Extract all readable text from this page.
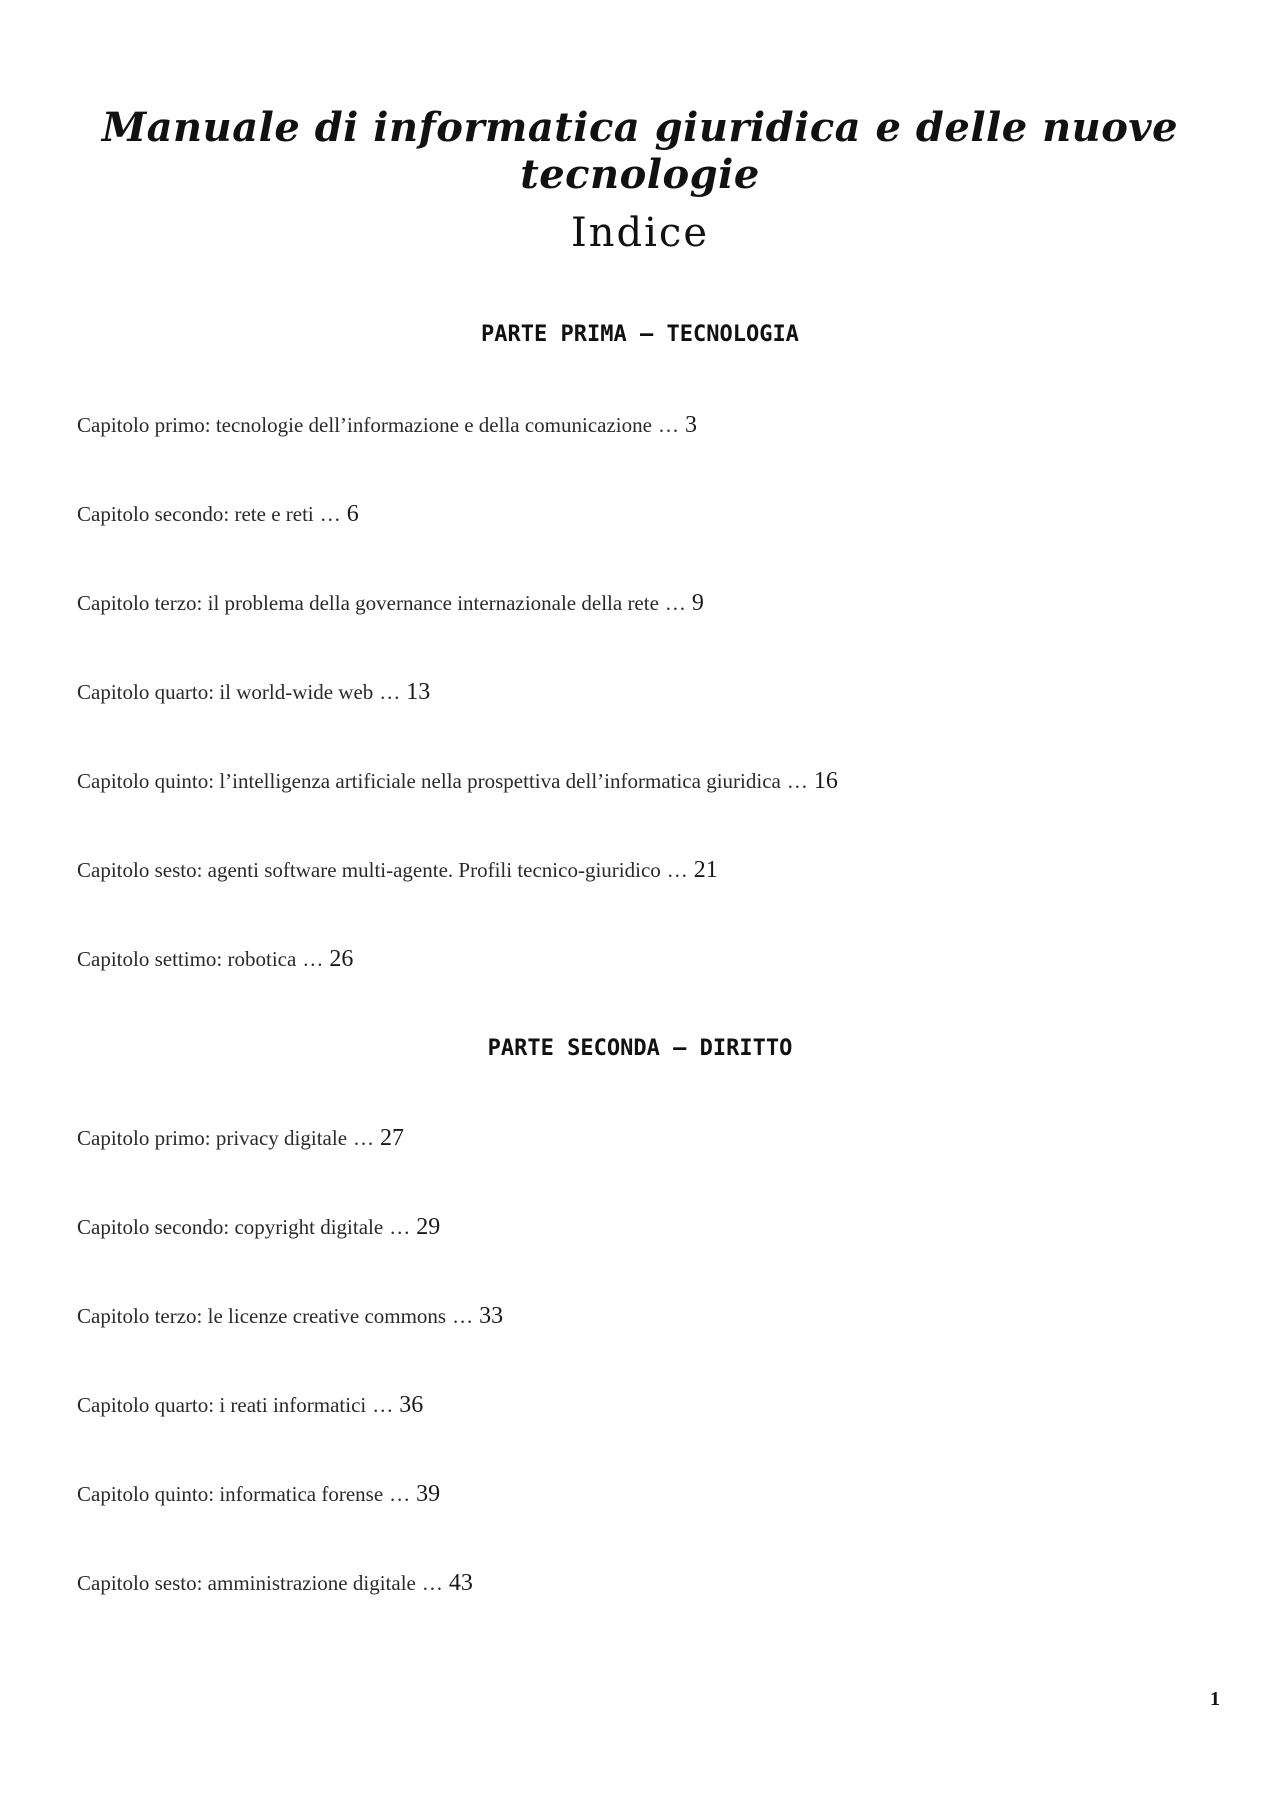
Manuale di informatica giuridica e delle nuove tecnologie
Indice
PARTE PRIMA – TECNOLOGIA
Capitolo primo: tecnologie dell’informazione e della comunicazione … 3
Capitolo secondo: rete e reti … 6
Capitolo terzo: il problema della governance internazionale della rete … 9
Capitolo quarto: il world-wide web … 13
Capitolo quinto: l’intelligenza artificiale nella prospettiva dell’informatica giuridica … 16
Capitolo sesto: agenti software multi-agente. Profili tecnico-giuridico … 21
Capitolo settimo: robotica … 26
PARTE SECONDA – DIRITTO
Capitolo primo: privacy digitale … 27
Capitolo secondo: copyright digitale … 29
Capitolo terzo: le licenze creative commons … 33
Capitolo quarto: i reati informatici … 36
Capitolo quinto: informatica forense … 39
Capitolo sesto: amministrazione digitale … 43
1
